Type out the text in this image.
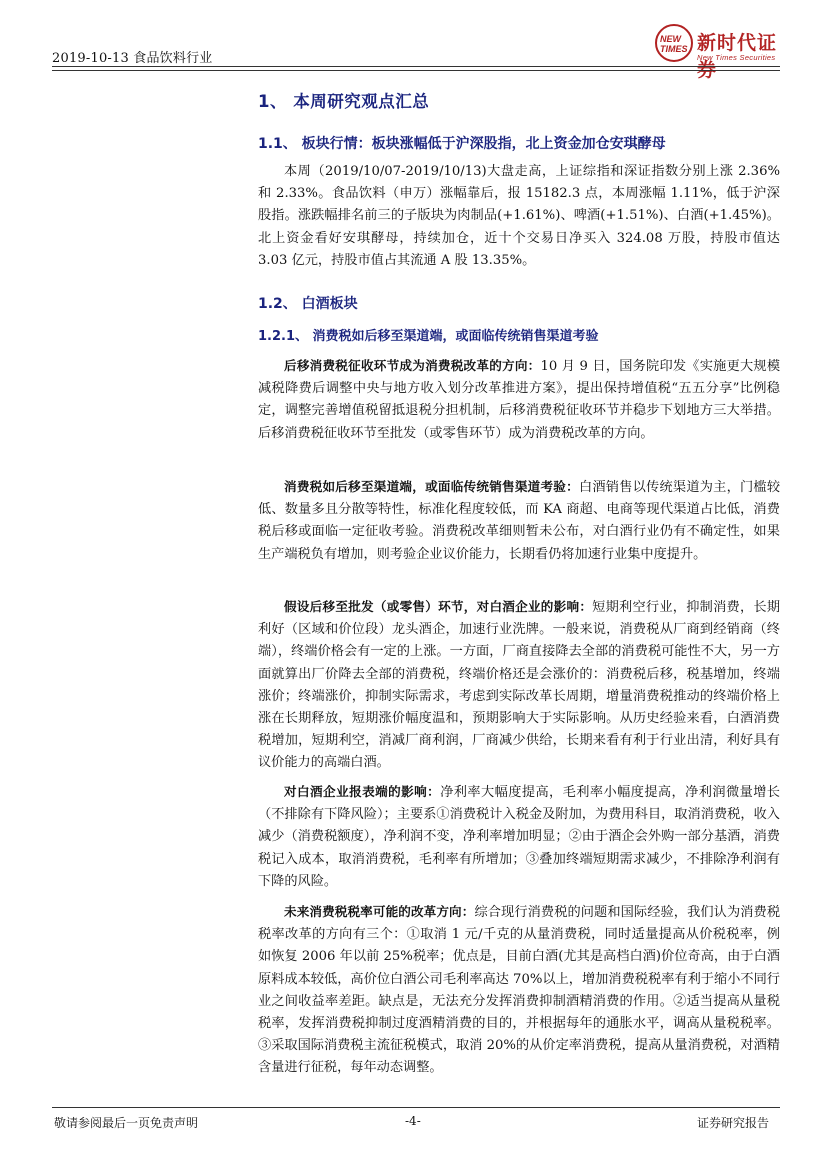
2019-10-13 食品饮料行业
NEW TIMES 新时代证券
New Times Securities
1、 本周研究观点汇总
1.1、 板块行情：板块涨幅低于沪深股指，北上资金加仓安琪酵母
本周（2019/10/07-2019/10/13)大盘走高，上证综指和深证指数分别上涨 2.36%和 2.33%。食品饮料（申万）涨幅靠后，报 15182.3 点，本周涨幅 1.11%，低于沪深股指。涨跌幅排名前三的子版块为肉制品(+1.61%)、啤酒(+1.51%)、白酒(+1.45%)。北上资金看好安琪酵母，持续加仓，近十个交易日净买入 324.08 万股，持股市值达 3.03 亿元，持股市值占其流通 A 股 13.35%。
1.2、 白酒板块
1.2.1、 消费税如后移至渠道端，或面临传统销售渠道考验
后移消费税征收环节成为消费税改革的方向：10 月 9 日，国务院印发《实施更大规模减税降费后调整中央与地方收入划分改革推进方案》，提出保持增值税“五五分享”比例稳定，调整完善增值税留抵退税分担机制，后移消费税征收环节并稳步下划地方三大举措。后移消费税征收环节至批发（或零售环节）成为消费税改革的方向。
消费税如后移至渠道端，或面临传统销售渠道考验：白酒销售以传统渠道为主，门槛较低、数量多且分散等特性，标准化程度较低，而 KA 商超、电商等现代渠道占比低，消费税后移或面临一定征收考验。消费税改革细则暂未公布，对白酒行业仍有不确定性，如果生产端税负有增加，则考验企业议价能力，长期看仍将加速行业集中度提升。
假设后移至批发（或零售）环节，对白酒企业的影响：短期利空行业，抑制消费，长期利好（区域和价位段）龙头酒企，加速行业洗牌。一般来说，消费税从厂商到经销商（终端），终端价格会有一定的上涨。一方面，厂商直接降去全部的消费税可能性不大，另一方面就算出厂价降去全部的消费税，终端价格还是会涨价的：消费税后移，税基增加，终端涨价；终端涨价，抑制实际需求，考虑到实际改革长周期，增量消费税推动的终端价格上涨在长期释放，短期涨价幅度温和，预期影响大于实际影响。从历史经验来看，白酒消费税增加，短期利空，消减厂商利润，厂商减少供给，长期来看有利于行业出清，利好具有议价能力的高端白酒。
对白酒企业报表端的影响：净利率大幅度提高，毛利率小幅度提高，净利润微量增长（不排除有下降风险）；主要系①消费税计入税金及附加，为费用科目，取消消费税，收入减少（消费税额度），净利润不变，净利率增加明显；②由于酒企会外购一部分基酒，消费税记入成本，取消消费税，毛利率有所增加；③叠加终端短期需求减少，不排除净利润有下降的风险。
未来消费税税率可能的改革方向：综合现行消费税的问题和国际经验，我们认为消费税税率改革的方向有三个：①取消 1 元/千克的从量消费税，同时适量提高从价税税率，例如恢复 2006 年以前 25%税率；优点是，目前白酒(尤其是高档白酒)价位奇高，由于白酒原料成本较低，高价位白酒公司毛利率高达 70%以上，增加消费税税率有利于缩小不同行业之间收益率差距。缺点是，无法充分发挥消费抑制酒精消费的作用。②适当提高从量税税率，发挥消费税抑制过度酒精消费的目的，并根据每年的通胀水平，调高从量税税率。③采取国际消费税主流征税模式，取消 20%的从价定率消费税，提高从量消费税，对酒精含量进行征税，每年动态调整。
敬请参阅最后一页免责声明	-4-	证券研究报告
